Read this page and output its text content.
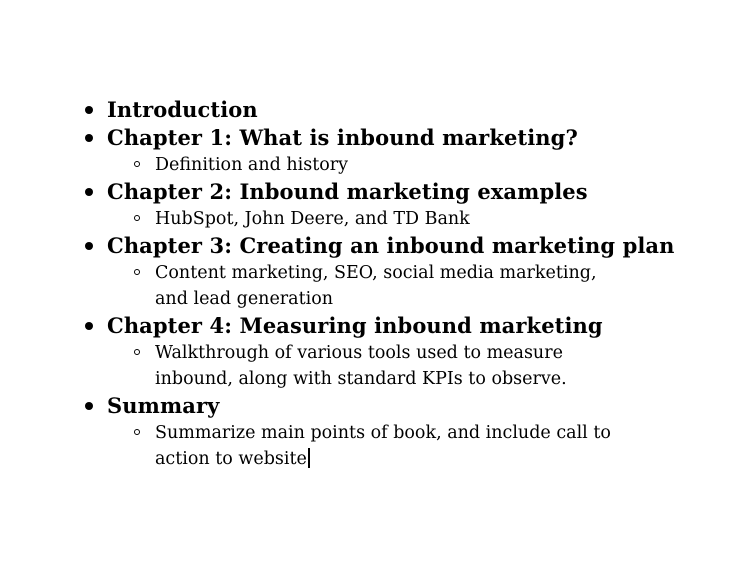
Introduction
Chapter 1: What is inbound marketing?
Definition and history
Chapter 2: Inbound marketing examples
HubSpot, John Deere, and TD Bank
Chapter 3: Creating an inbound marketing plan
Content marketing, SEO, social media marketing, and lead generation
Chapter 4: Measuring inbound marketing
Walkthrough of various tools used to measure inbound, along with standard KPIs to observe.
Summary
Summarize main points of book, and include call to action to website
